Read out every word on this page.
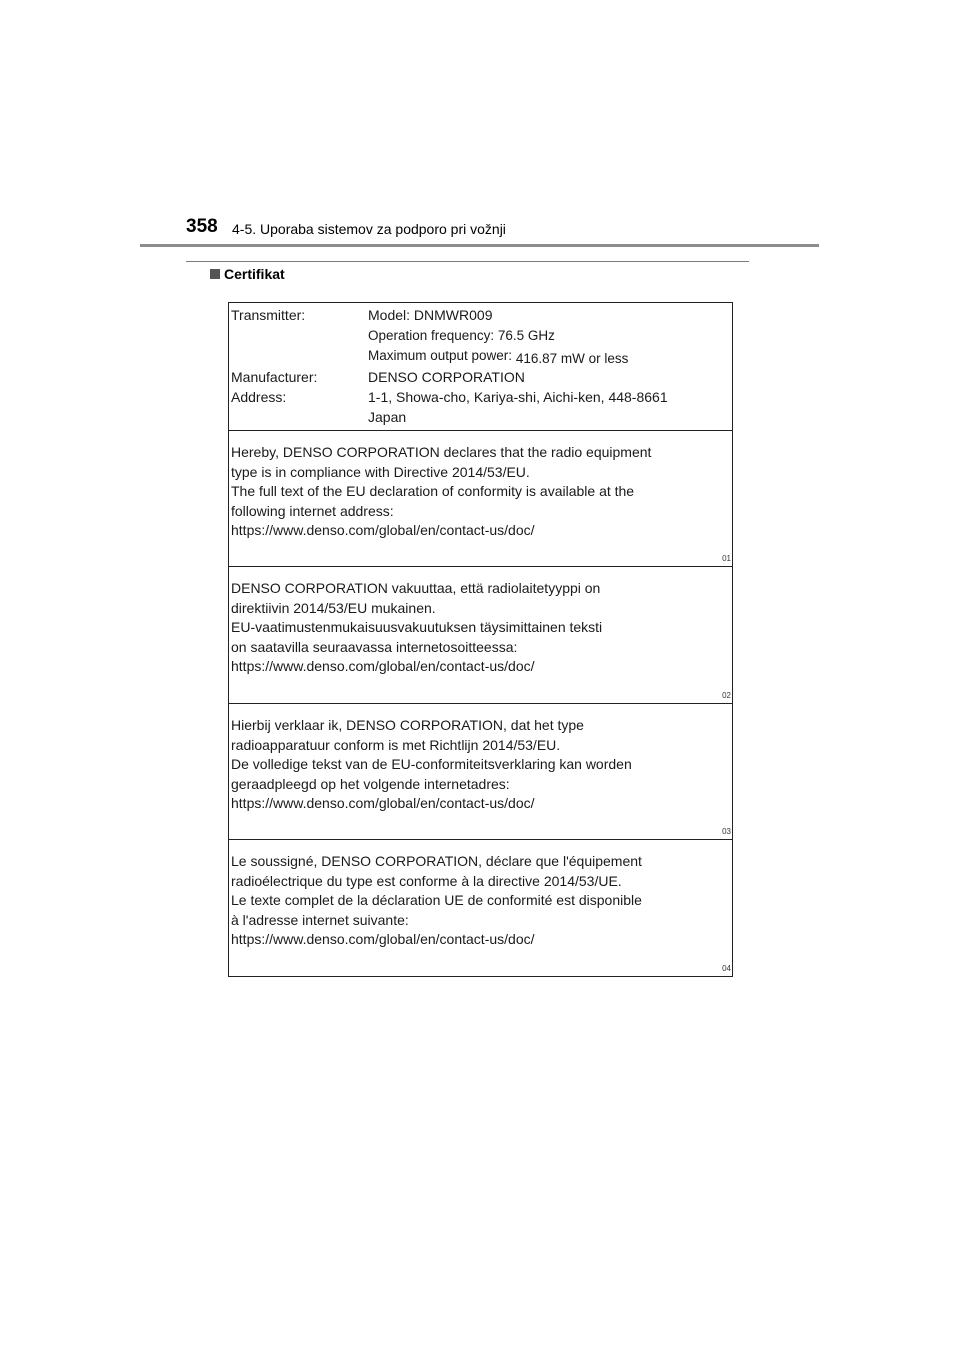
358 4-5. Uporaba sistemov za podporo pri vožnji
Certifikat
Transmitter:	Model: DNMWR009
Operation frequency: 76.5 GHz
Maximum output power: 416.87 mW or less
Manufacturer:	DENSO CORPORATION
Address:	1-1, Showa-cho, Kariya-shi, Aichi-ken, 448-8661
Japan
Hereby, DENSO CORPORATION declares that the radio equipment
type is in compliance with Directive 2014/53/EU.
The full text of the EU declaration of conformity is available at the
following internet address:
https://www.denso.com/global/en/contact-us/doc/
01
DENSO CORPORATION vakuuttaa, että radiolaitetyyppi on
direktiivin 2014/53/EU mukainen.
EU-vaatimustenmukaisuusvakuutuksen täysimittainen teksti
on saatavilla seuraavassa internetosoitteessa:
https://www.denso.com/global/en/contact-us/doc/
02
Hierbij verklaar ik, DENSO CORPORATION, dat het type
radioapparatuur conform is met Richtlijn 2014/53/EU.
De volledige tekst van de EU-conformiteitsverklaring kan worden
geraadpleegd op het volgende internetadres:
https://www.denso.com/global/en/contact-us/doc/
03
Le soussigné, DENSO CORPORATION, déclare que l'équipement
radioélectrique du type est conforme à la directive 2014/53/UE.
Le texte complet de la déclaration UE de conformité est disponible
à l'adresse internet suivante:
https://www.denso.com/global/en/contact-us/doc/
04
